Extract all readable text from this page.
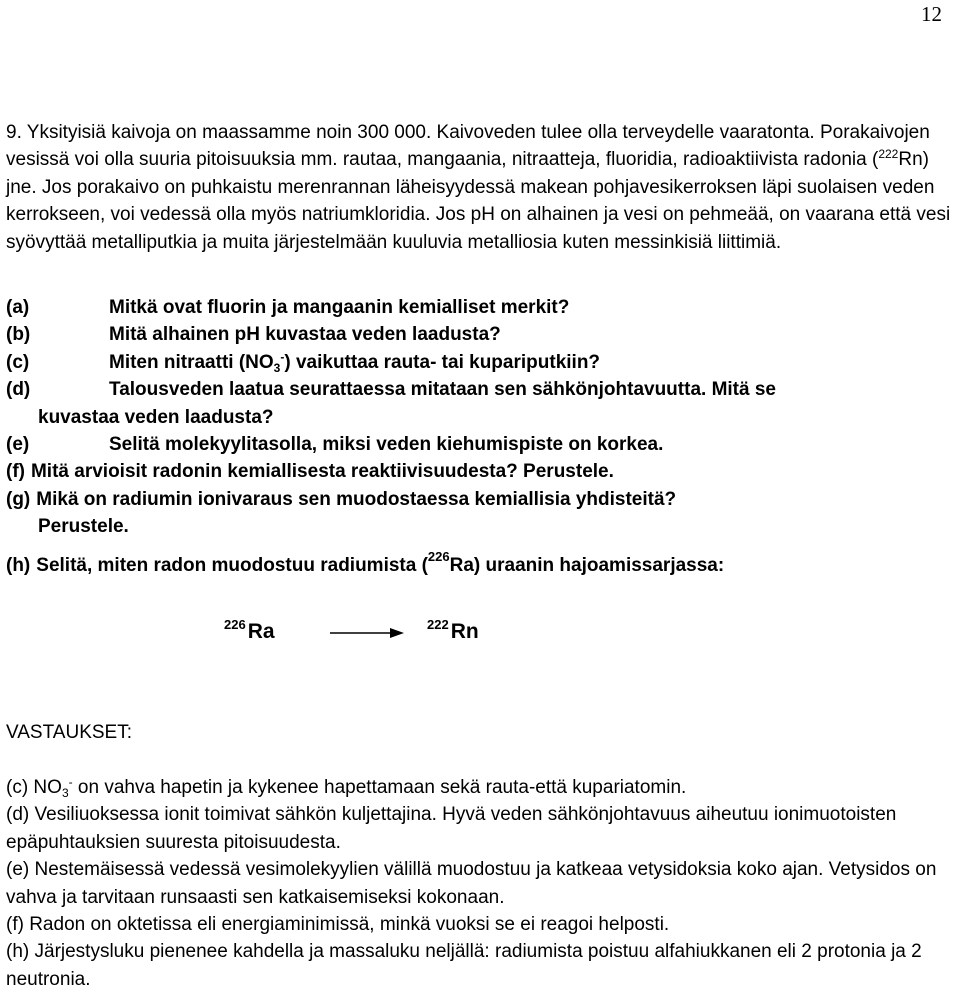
12

9. Yksityisiä kaivoja on maassamme noin 300 000. Kaivoveden tulee olla terveydelle vaaratonta. Porakaivojen vesissä voi olla suuria pitoisuuksia mm. rautaa, mangaania, nitraatteja, fluoridia, radioaktiivista radonia ($^{222}$Rn) jne. Jos porakaivo on puhkaistu merenrannan läheisyydessä makean pohjavesikerroksen läpi suolaisen veden kerrokseen, voi vedessä olla myös natriumkloridia. Jos pH on alhainen ja vesi on pehmeää, on vaarana että vesi syövyttää metalliputkia ja muita järjestelmään kuuluvia metalliosia kuten messinkisiä liittimiä.

(a)	Mitkä ovat fluorin ja mangaanin kemialliset merkit?
(b)	Mitä alhainen pH kuvastaa veden laadusta?
(c)	Miten nitraatti $(NO_3^-)$ vaikuttaa rauta- tai kupariputkiin?
(d)	Talousveden laatua seurattaessa mitataan sen sähkönjohtavuutta. Mitä se
kuvastaa veden laadusta?
(e)	Selitä molekyylitasolla, miksi veden kiehumispiste on korkea.
(f) Mitä arvioisit radonin kemiallisesta reaktiivisuudesta? Perustele.
(g) Mikä on radiumin ionivaraus sen muodostaessa kemiallisia yhdisteitä?
Perustele.
(h) Selitä, miten radon muodostuu radiumista ($^{226}$Ra) uraanin hajoamissarjassa:
$^{226}$Ra	$^{222}$Rn
VASTAUKSET:

(c) $NO_3^-$ on vahva hapetin ja kykenee hapettamaan sekä rauta-että kupariatomin.

(d) Vesiliuoksessa ionit toimivat sähkön kuljettajina. Hyvä veden sähkönjohtavuus aiheutuu ionimuotoisten epäpuhtauksien suuresta pitoisuudesta.

(e) Nestemäisessä vedessä vesimolekyylien välillä muodostuu ja katkeaa vetysidoksia koko ajan. Vetysidos on vahva ja tarvitaan runsaasti sen katkaisemiseksi kokonaan.

(f) Radon on oktetissa eli energiaminimissä, minkä vuoksi se ei reagoi helposti.

(h) Järjestysluku pienenee kahdella ja massaluku neljällä: radiumista poistuu alfahiukkanen eli 2 protonia ja 2 neutronia.
